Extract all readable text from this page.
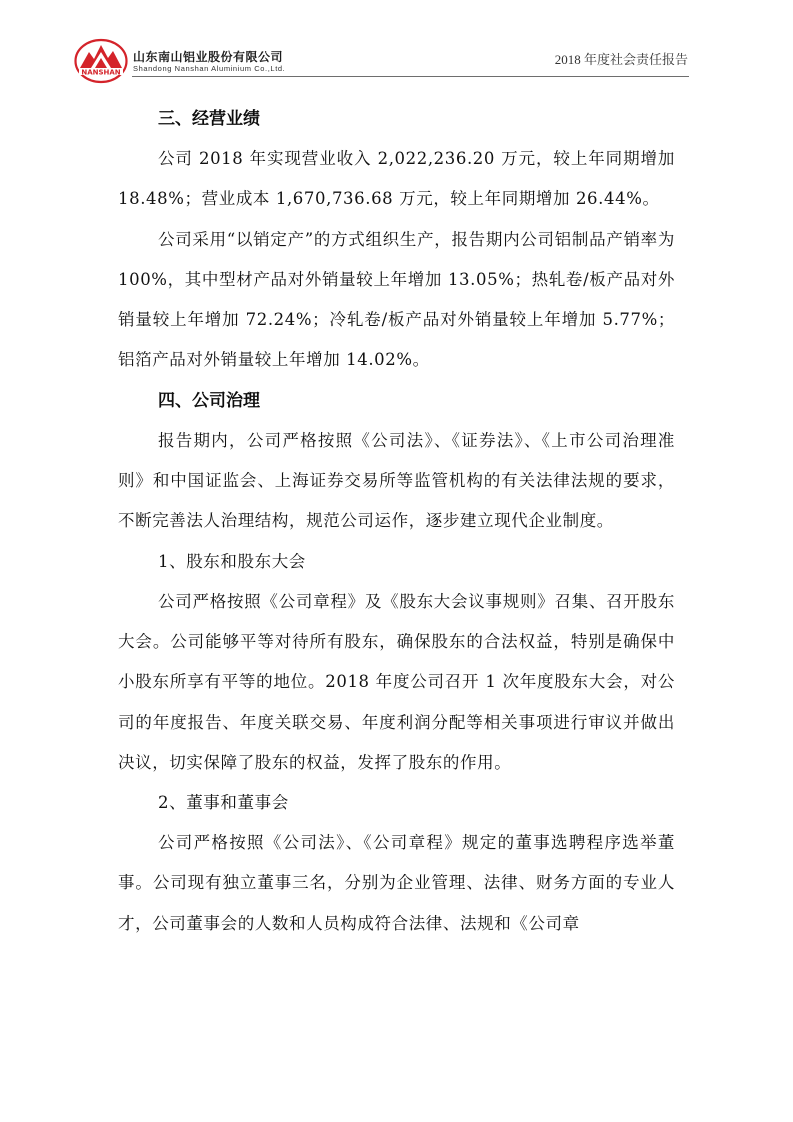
NANSHAN
山东南山铝业股份有限公司
Shandong Nanshan Aluminium Co.,Ltd.
2018 年度社会责任报告
三、经营业绩

公司 2018 年实现营业收入 2,022,236.20 万元，较上年同期增加 18.48%；营业成本 1,670,736.68 万元，较上年同期增加 26.44%。

公司采用“以销定产”的方式组织生产，报告期内公司铝制品产销率为 100%，其中型材产品对外销量较上年增加 13.05%；热轧卷/板产品对外销量较上年增加 72.24%；冷轧卷/板产品对外销量较上年增加 5.77%；铝箔产品对外销量较上年增加 14.02%。

四、公司治理

报告期内，公司严格按照《公司法》、《证券法》、《上市公司治理准则》和中国证监会、上海证券交易所等监管机构的有关法律法规的要求，不断完善法人治理结构，规范公司运作，逐步建立现代企业制度。

1、股东和股东大会

公司严格按照《公司章程》及《股东大会议事规则》召集、召开股东大会。公司能够平等对待所有股东，确保股东的合法权益，特别是确保中小股东所享有平等的地位。2018 年度公司召开 1 次年度股东大会，对公司的年度报告、年度关联交易、年度利润分配等相关事项进行审议并做出决议，切实保障了股东的权益，发挥了股东的作用。

2、董事和董事会

公司严格按照《公司法》、《公司章程》规定的董事选聘程序选举董事。公司现有独立董事三名，分别为企业管理、法律、财务方面的专业人才，公司董事会的人数和人员构成符合法律、法规和《公司章
